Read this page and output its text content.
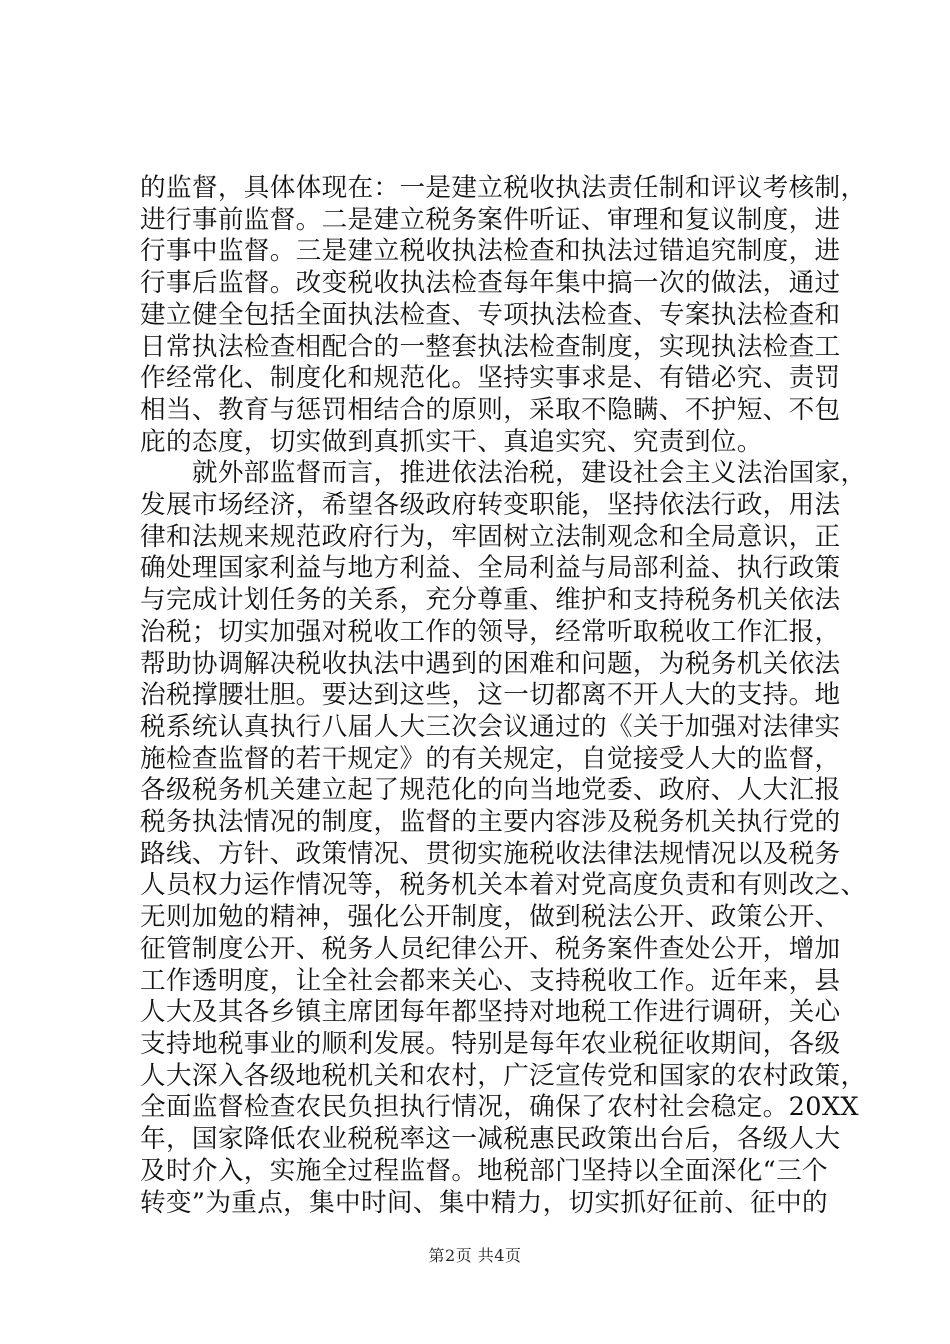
的监督，具体体现在：一是建立税收执法责任制和评议考核制，
进行事前监督。二是建立税务案件听证、审理和复议制度，进
行事中监督。三是建立税收执法检查和执法过错追究制度，进
行事后监督。改变税收执法检查每年集中搞一次的做法，通过
建立健全包括全面执法检查、专项执法检查、专案执法检查和
日常执法检查相配合的一整套执法检查制度，实现执法检查工
作经常化、制度化和规范化。坚持实事求是、有错必究、责罚
相当、教育与惩罚相结合的原则，采取不隐瞒、不护短、不包
庇的态度，切实做到真抓实干、真追实究、究责到位。
　　就外部监督而言，推进依法治税，建设社会主义法治国家，
发展市场经济，希望各级政府转变职能，坚持依法行政，用法
律和法规来规范政府行为，牢固树立法制观念和全局意识，正
确处理国家利益与地方利益、全局利益与局部利益、执行政策
与完成计划任务的关系，充分尊重、维护和支持税务机关依法
治税；切实加强对税收工作的领导，经常听取税收工作汇报，
帮助协调解决税收执法中遇到的困难和问题，为税务机关依法
治税撑腰壮胆。要达到这些，这一切都离不开人大的支持。地
税系统认真执行八届人大三次会议通过的《关于加强对法律实
施检查监督的若干规定》的有关规定，自觉接受人大的监督，
各级税务机关建立起了规范化的向当地党委、政府、人大汇报
税务执法情况的制度，监督的主要内容涉及税务机关执行党的
路线、方针、政策情况、贯彻实施税收法律法规情况以及税务
人员权力运作情况等，税务机关本着对党高度负责和有则改之、
无则加勉的精神，强化公开制度，做到税法公开、政策公开、
征管制度公开、税务人员纪律公开、税务案件查处公开，增加
工作透明度，让全社会都来关心、支持税收工作。近年来，县
人大及其各乡镇主席团每年都坚持对地税工作进行调研，关心
支持地税事业的顺利发展。特别是每年农业税征收期间，各级
人大深入各级地税机关和农村，广泛宣传党和国家的农村政策，
全面监督检查农民负担执行情况，确保了农村社会稳定。20XX
年，国家降低农业税税率这一减税惠民政策出台后，各级人大
及时介入，实施全过程监督。地税部门坚持以全面深化“三个
转变”为重点，集中时间、集中精力，切实抓好征前、征中的
第2页 共4页
